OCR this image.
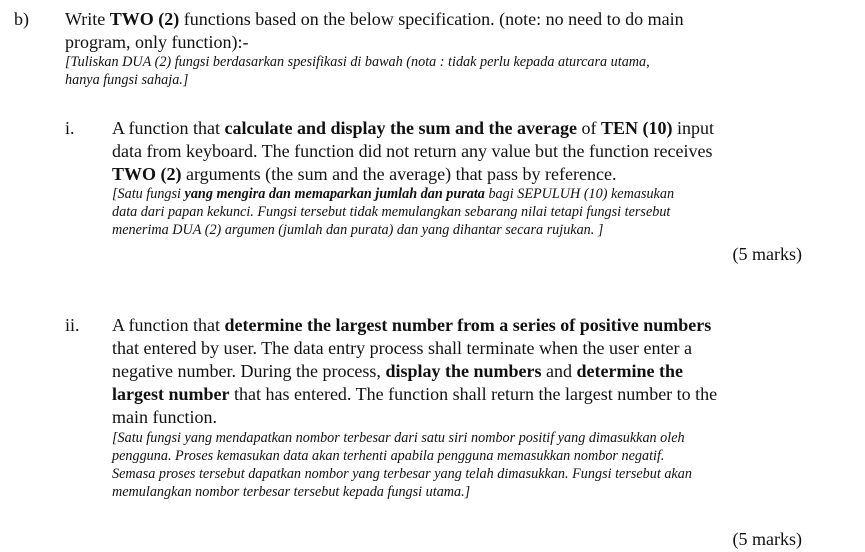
b) Write TWO (2) functions based on the below specification. (note: no need to do main
program, only function):-
[Tuliskan DUA (2) fungsi berdasarkan spesifikasi di bawah (nota : tidak perlu kepada aturcara utama,
hanya fungsi sahaja.]
i. A function that calculate and display the sum and the average of TEN (10) input
data from keyboard. The function did not return any value but the function receives
TWO (2) arguments (the sum and the average) that pass by reference.
[Satu fungsi yang mengira dan memaparkan jumlah dan purata bagi SEPULUH (10) kemasukan
data dari papan kekunci. Fungsi tersebut tidak memulangkan sebarang nilai tetapi fungsi tersebut
menerima DUA (2) argumen (jumlah dan purata) dan yang dihantar secara rujukan. ]
(5 marks)
ii. A function that determine the largest number from a series of positive numbers
that entered by user. The data entry process shall terminate when the user enter a
negative number. During the process, display the numbers and determine the
largest number that has entered. The function shall return the largest number to the
main function.
[Satu fungsi yang mendapatkan nombor terbesar dari satu siri nombor positif yang dimasukkan oleh
pengguna. Proses kemasukan data akan terhenti apabila pengguna memasukkan nombor negatif.
Semasa proses tersebut dapatkan nombor yang terbesar yang telah dimasukkan. Fungsi tersebut akan
memulangkan nombor terbesar tersebut kepada fungsi utama.]
(5 marks)
